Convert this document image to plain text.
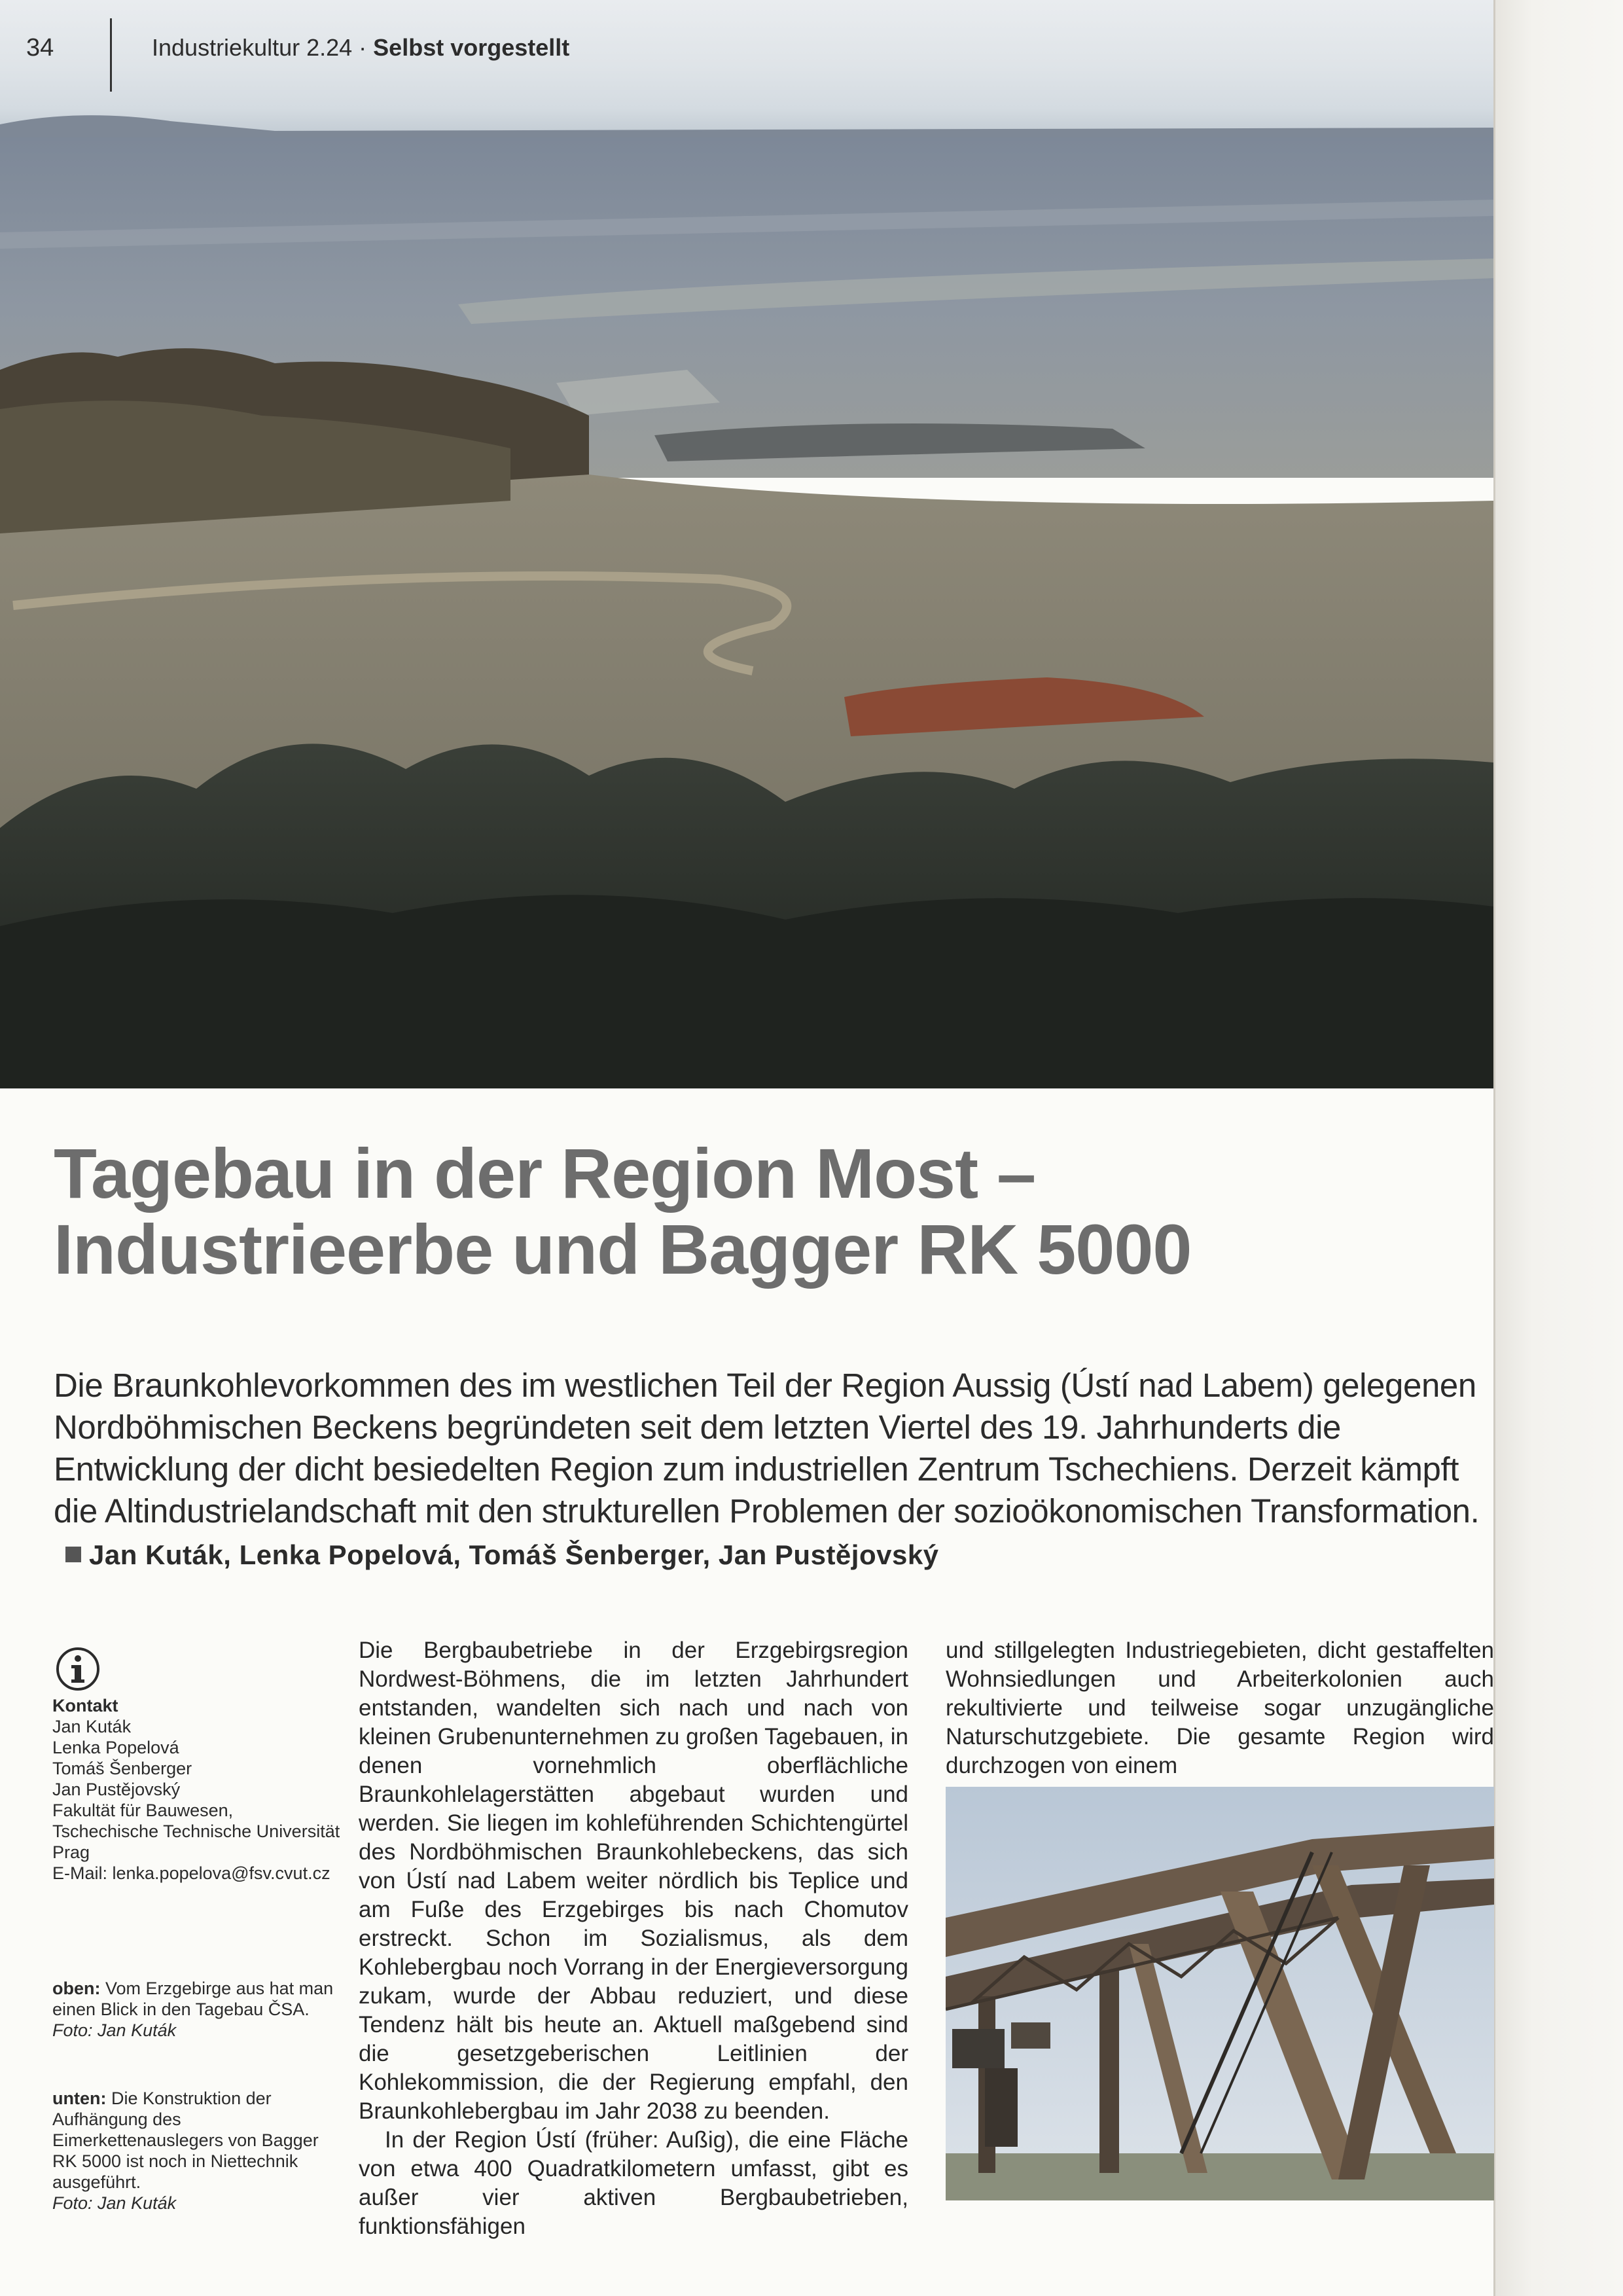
34	Industriekultur 2.24 · Selbst vorgestellt
Tagebau in der Region Most –
Industrieerbe und Bagger RK 5000

Die Braunkohlevorkommen des im westlichen Teil der Region Aussig (Ústí nad Labem) gelegenen Nordböhmischen Beckens begründeten seit dem letzten Viertel des 19. Jahrhunderts die Entwicklung der dicht besiedelten Region zum industriellen Zentrum Tschechiens. Derzeit kämpft die Altindustrielandschaft mit den strukturellen Problemen der sozioökonomischen Transformation.Jan Kuták, Lenka Popelová, Tomáš Šenberger, Jan Pustějovský

Kontakt

Jan Kuták

Lenka Popelová

Tomáš Šenberger

Jan Pustějovský

Fakultät für Bauwesen, Tschechische Technische Universität Prag

E-Mail: lenka.popelova@fsv.cvut.cz

oben: Vom Erzgebirge aus hat man einen Blick in den Tagebau ČSA.
Foto: Jan Kuták

unten: Die Konstruktion der Aufhängung des Eimerkettenauslegers von Bagger RK 5000 ist noch in Niettechnik ausgeführt.
Foto: Jan Kuták

Die Bergbaubetriebe in der Erzgebirgsregion Nordwest-Böhmens, die im letzten Jahrhundert entstanden, wandelten sich nach und nach von kleinen Grubenunternehmen zu großen Tagebauen, in denen vornehmlich oberflächliche Braunkohlelagerstätten abgebaut wurden und werden. Sie liegen im kohleführenden Schichtengürtel des Nordböhmischen Braunkohlebeckens, das sich von Ústí nad Labem weiter nördlich bis Teplice und am Fuße des Erzgebirges bis nach Chomutov erstreckt. Schon im Sozialismus, als dem Kohlebergbau noch Vorrang in der Energieversorgung zukam, wurde der Abbau reduziert, und diese Tendenz hält bis heute an. Aktuell maßgebend sind die gesetzgeberischen Leitlinien der Kohlekommission, die der Regierung empfahl, den Braunkohlebergbau im Jahr 2038 zu beenden.

In der Region Ústí (früher: Außig), die eine Fläche von etwa 400 Quadratkilometern umfasst, gibt es außer vier aktiven Bergbaubetrieben, funktionsfähigen

und stillgelegten Industriegebieten, dicht gestaffelten Wohnsiedlungen und Arbeiterkolonien auch rekultivierte und teilweise sogar unzugängliche Naturschutzgebiete. Die gesamte Region wird durchzogen von einem
